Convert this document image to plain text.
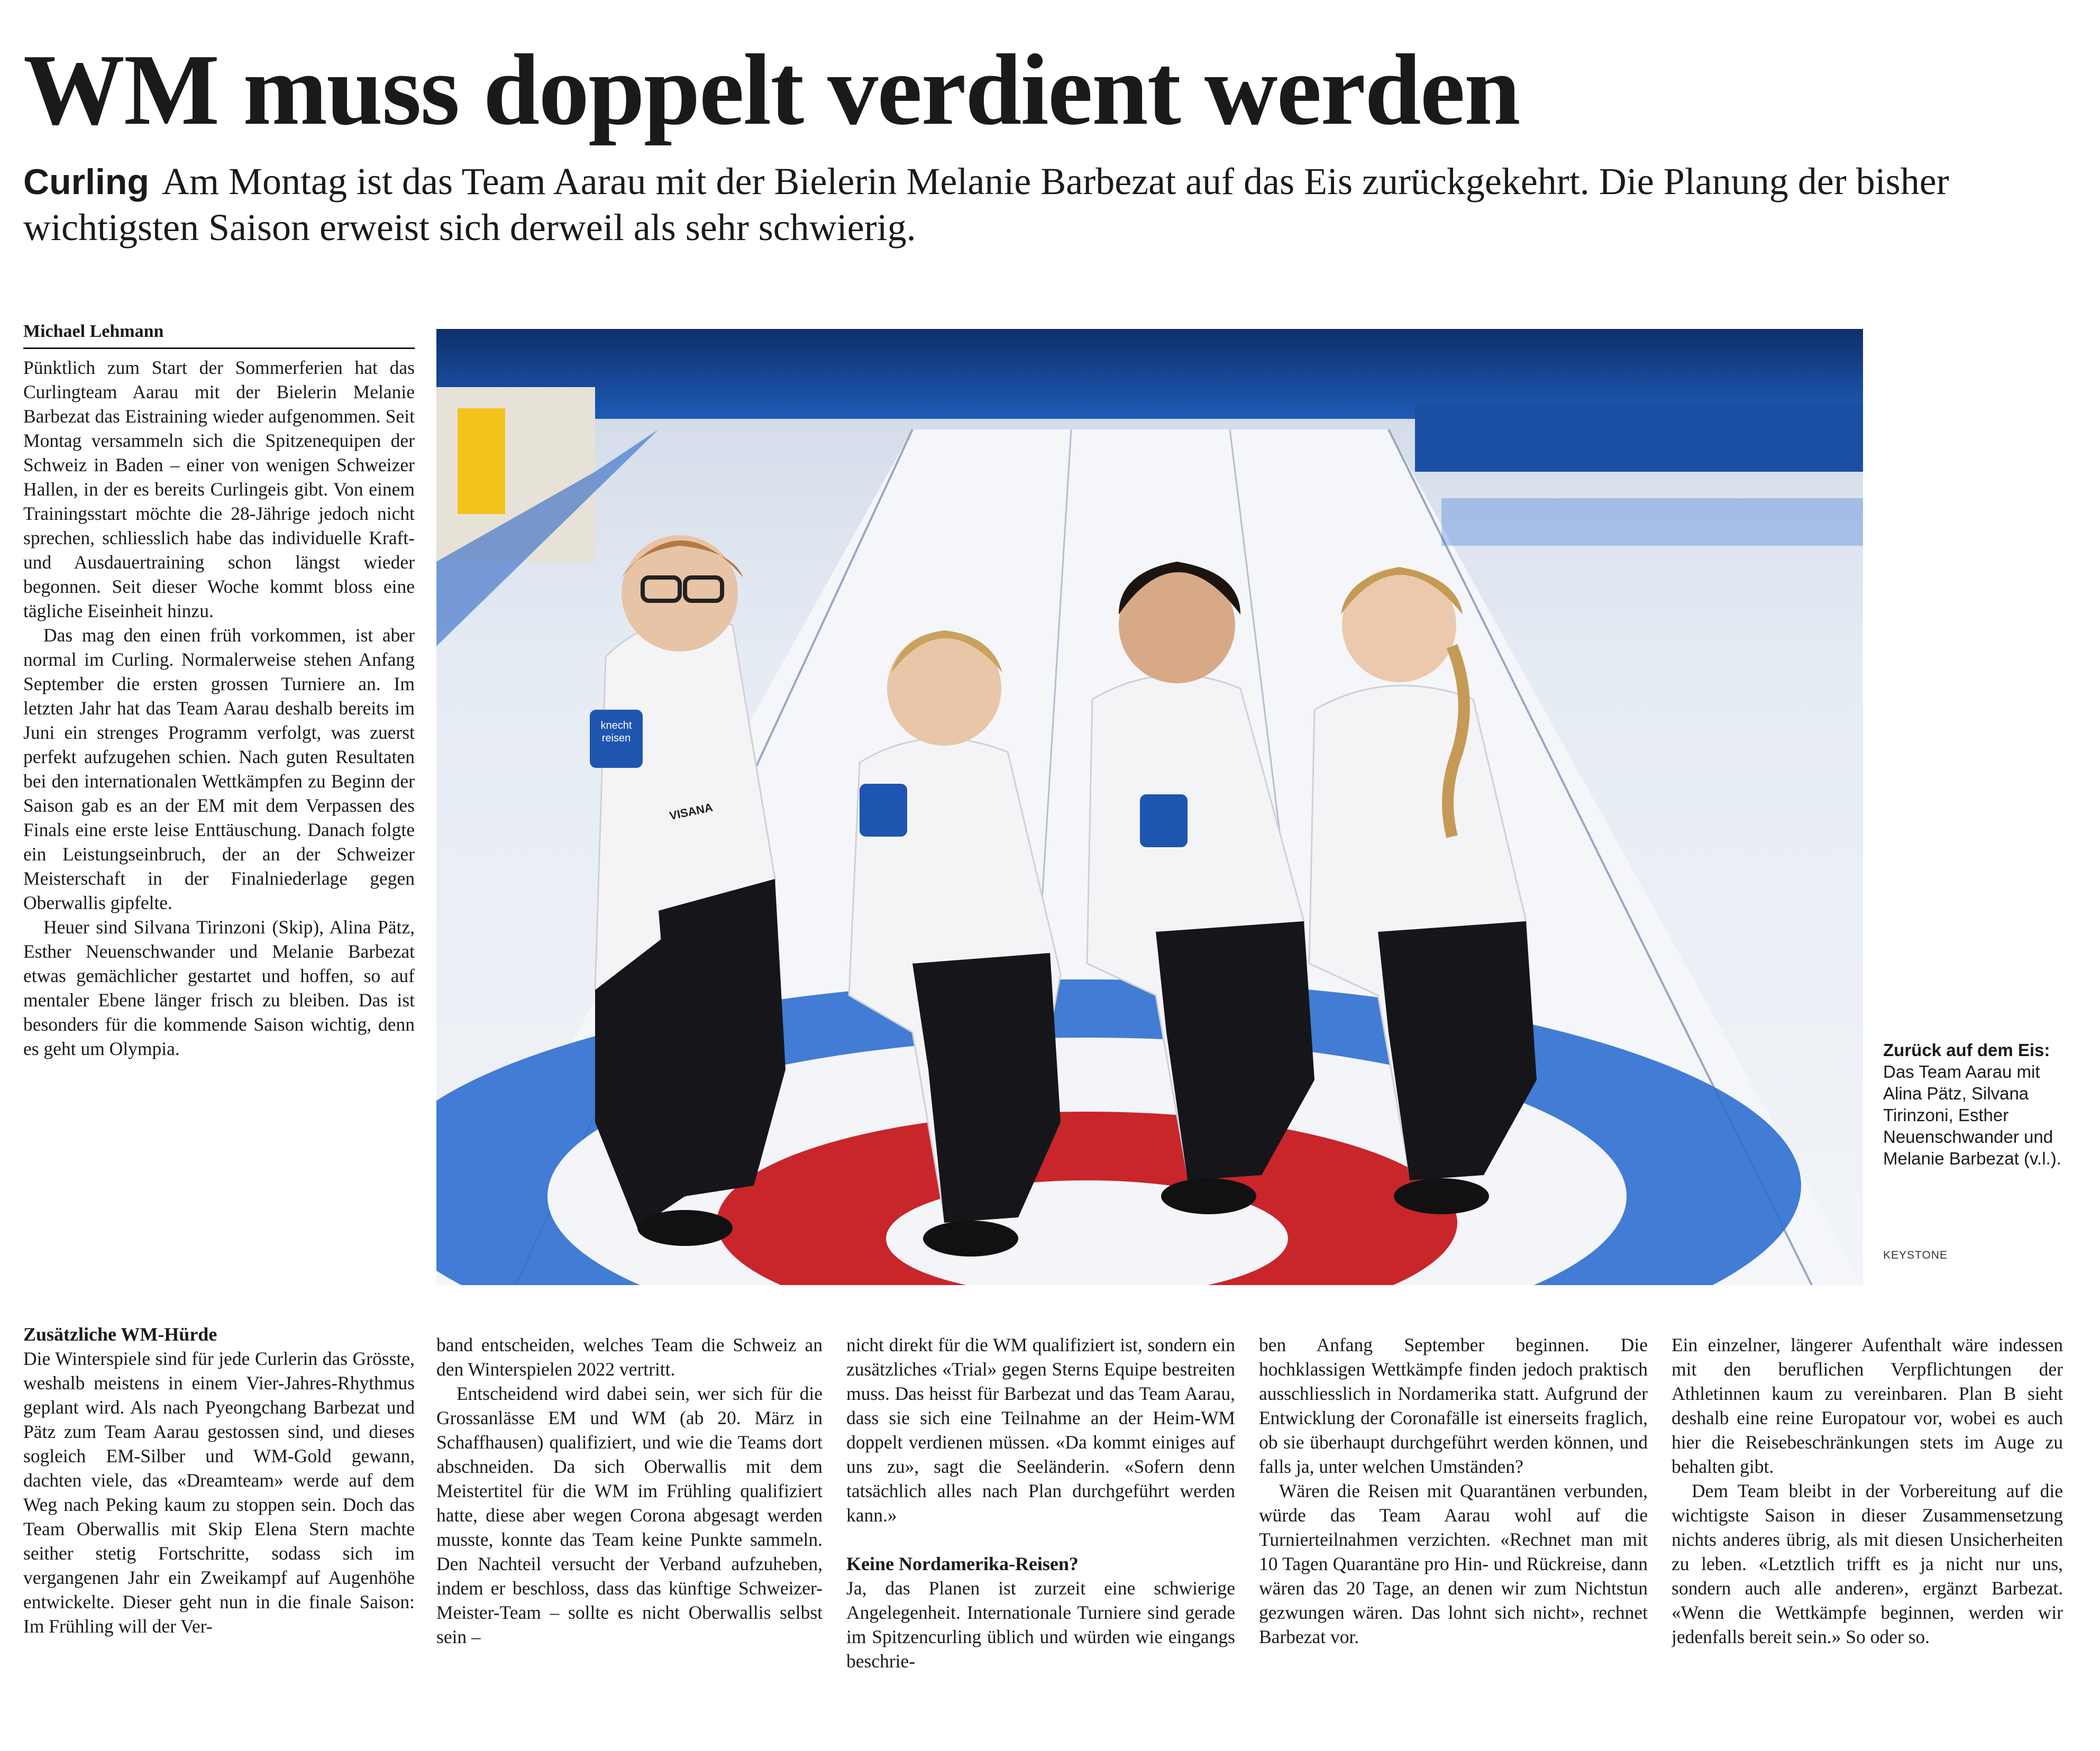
WM muss doppelt verdient werden

Curling Am Montag ist das Team Aarau mit der Bielerin Melanie Barbezat auf das Eis zurückgekehrt. Die Planung der bisher wichtigsten Saison erweist sich derweil als sehr schwierig.

Michael Lehmann

Pünktlich zum Start der Sommerferien hat das Curlingteam Aarau mit der Bielerin Melanie Barbezat das Eistraining wieder aufgenommen. Seit Montag versammeln sich die Spitzenequipen der Schweiz in Baden – einer von wenigen Schweizer Hallen, in der es bereits Curlingeis gibt. Von einem Trainingsstart möchte die 28-Jährige jedoch nicht sprechen, schliesslich habe das individuelle Kraft- und Ausdauertraining schon längst wieder begonnen. Seit dieser Woche kommt bloss eine tägliche Eiseinheit hinzu.

Das mag den einen früh vorkommen, ist aber normal im Curling. Normalerweise stehen Anfang September die ersten grossen Turniere an. Im letzten Jahr hat das Team Aarau deshalb bereits im Juni ein strenges Programm verfolgt, was zuerst perfekt aufzugehen schien. Nach guten Resultaten bei den internationalen Wettkämpfen zu Beginn der Saison gab es an der EM mit dem Verpassen des Finals eine erste leise Enttäuschung. Danach folgte ein Leistungseinbruch, der an der Schweizer Meisterschaft in der Finalniederlage gegen Oberwallis gipfelte.

Heuer sind Silvana Tirinzoni (Skip), Alina Pätz, Esther Neuenschwander und Melanie Barbezat etwas gemächlicher gestartet und hoffen, so auf mentaler Ebene länger frisch zu bleiben. Das ist besonders für die kommende Saison wichtig, denn es geht um Olympia.

Zusätzliche WM-Hürde

Die Winterspiele sind für jede Curlerin das Grösste, weshalb meistens in einem Vier-Jahres-Rhythmus geplant wird. Als nach Pyeongchang Barbezat und Pätz zum Team Aarau gestossen sind, und dieses sogleich EM-Silber und WM-Gold gewann, dachten viele, das «Dreamteam» werde auf dem Weg nach Peking kaum zu stoppen sein. Doch das Team Oberwallis mit Skip Elena Stern machte seither stetig Fortschritte, sodass sich im vergangenen Jahr ein Zweikampf auf Augenhöhe entwickelte. Dieser geht nun in die finale Saison: Im Frühling will der Ver-

band entscheiden, welches Team die Schweiz an den Winterspielen 2022 vertritt.

Entscheidend wird dabei sein, wer sich für die Grossanlässe EM und WM (ab 20. März in Schaffhausen) qualifiziert, und wie die Teams dort abschneiden. Da sich Oberwallis mit dem Meistertitel für die WM im Frühling qualifiziert hatte, diese aber wegen Corona abgesagt werden musste, konnte das Team keine Punkte sammeln. Den Nachteil versucht der Verband aufzuheben, indem er beschloss, dass das künftige Schweizer-Meister-Team – sollte es nicht Oberwallis selbst sein –

nicht direkt für die WM qualifiziert ist, sondern ein zusätzliches «Trial» gegen Sterns Equipe bestreiten muss. Das heisst für Barbezat und das Team Aarau, dass sie sich eine Teilnahme an der Heim-WM doppelt verdienen müssen. «Da kommt einiges auf uns zu», sagt die Seeländerin. «Sofern denn tatsächlich alles nach Plan durchgeführt werden kann.»

Keine Nordamerika-Reisen?

Ja, das Planen ist zurzeit eine schwierige Angelegenheit. Internationale Turniere sind gerade im Spitzencurling üblich und würden wie eingangs beschrie-

ben Anfang September beginnen. Die hochklassigen Wettkämpfe finden jedoch praktisch ausschliesslich in Nordamerika statt. Aufgrund der Entwicklung der Coronafälle ist einerseits fraglich, ob sie überhaupt durchgeführt werden können, und falls ja, unter welchen Umständen?

Wären die Reisen mit Quarantänen verbunden, würde das Team Aarau wohl auf die Turnierteilnahmen verzichten. «Rechnet man mit 10 Tagen Quarantäne pro Hin- und Rückreise, dann wären das 20 Tage, an denen wir zum Nichtstun gezwungen wären. Das lohnt sich nicht», rechnet Barbezat vor.

Ein einzelner, längerer Aufenthalt wäre indessen mit den beruflichen Verpflichtungen der Athletinnen kaum zu vereinbaren. Plan B sieht deshalb eine reine Europatour vor, wobei es auch hier die Reisebeschränkungen stets im Auge zu behalten gibt.

Dem Team bleibt in der Vorbereitung auf die wichtigste Saison in dieser Zusammensetzung nichts anderes übrig, als mit diesen Unsicherheiten zu leben. «Letztlich trifft es ja nicht nur uns, sondern auch alle anderen», ergänzt Barbezat. «Wenn die Wettkämpfe beginnen, werden wir jedenfalls bereit sein.» So oder so.

knecht reisen
VISANA
Zurück auf dem Eis: Das Team Aarau mit Alina Pätz, Silvana Tirinzoni, Esther Neuenschwander und Melanie Barbezat (v.l.).
KEYSTONE
